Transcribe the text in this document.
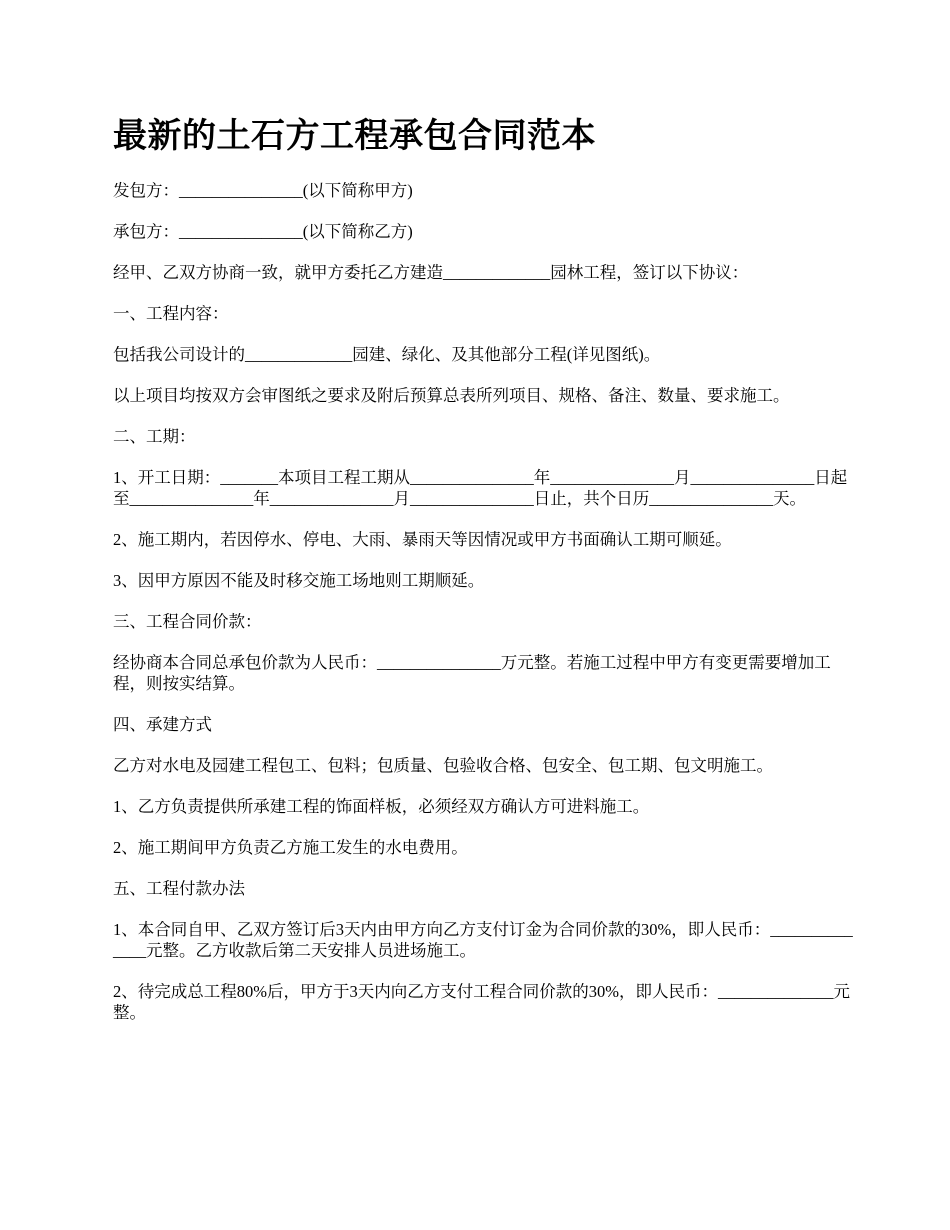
最新的土石方工程承包合同范本

发包方：_______________(以下简称甲方)

承包方：_______________(以下简称乙方)

经甲、乙双方协商一致，就甲方委托乙方建造_____________园林工程，签订以下协议：

一、工程内容：

包括我公司设计的_____________园建、绿化、及其他部分工程(详见图纸)。

以上项目均按双方会审图纸之要求及附后预算总表所列项目、规格、备注、数量、要求施工。

二、工期：

1、开工日期：_______本项目工程工期从_______________年_______________月_______________日起至_______________年_______________月_______________日止，共个日历_______________天。

2、施工期内，若因停水、停电、大雨、暴雨天等因情况或甲方书面确认工期可顺延。

3、因甲方原因不能及时移交施工场地则工期顺延。

三、工程合同价款：

经协商本合同总承包价款为人民币：_______________万元整。若施工过程中甲方有变更需要增加工程，则按实结算。

四、承建方式

乙方对水电及园建工程包工、包料；包质量、包验收合格、包安全、包工期、包文明施工。

1、乙方负责提供所承建工程的饰面样板，必须经双方确认方可进料施工。

2、施工期间甲方负责乙方施工发生的水电费用。

五、工程付款办法

1、本合同自甲、乙双方签订后3天内由甲方向乙方支付订金为合同价款的30%，即人民币：______________元整。乙方收款后第二天安排人员进场施工。

2、待完成总工程80%后，甲方于3天内向乙方支付工程合同价款的30%，即人民币：______________元整。
